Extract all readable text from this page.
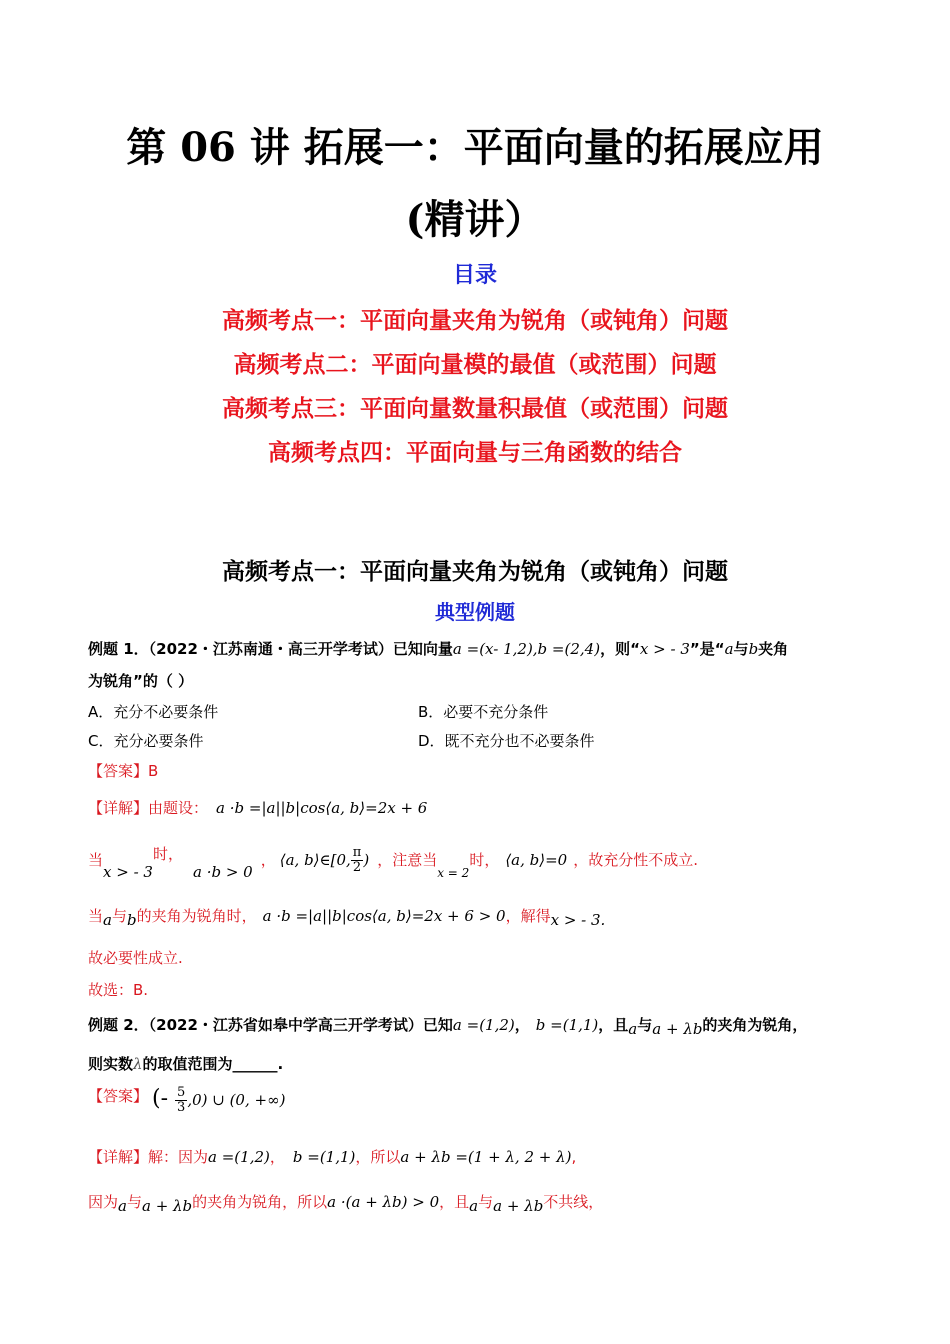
第 06 讲 拓展一：平面向量的拓展应用
(精讲）
目录
高频考点一：平面向量夹角为锐角（或钝角）问题
高频考点二：平面向量模的最值（或范围）问题
高频考点三：平面向量数量积最值（或范围）问题
高频考点四：平面向量与三角函数的结合
高频考点一：平面向量夹角为锐角（或钝角）问题
典型例题
例题 1．（2022・江苏南通・高三开学考试）已知向量a =(x- 1,2),b =(2,4)，则“x > - 3”是“a与b夹角
为锐角”的（ ）
A．充分不必要条件	B．必要不充分条件
C．充分必要条件	D．既不充分也不必要条件
【答案】B
【详解】由题设： a ·b =|a||b|cos⟨a, b⟩=2x + 6
当x > - 3时，a ·b > 0， ⟨a, b⟩∈[0, $\frac{\pi}{2}$ ) ，注意当$_{x = 2}$时， ⟨a, b⟩=0 ，故充分性不成立.
当a与b的夹角为锐角时， a ·b =|a||b|cos⟨a, b⟩=2x + 6 > 0，解得x > - 3.
故必要性成立.
故选：B.
例题 2．（2022・江苏省如皋中学高三开学考试）已知a =(1,2)， b =(1,1)，且a与a + λb的夹角为锐角，
则实数λ的取值范围为______.
【答案】 (- $\frac{5}{3} ,0$) ∪ (0, +∞)
【详解】解：因为a =(1,2)， b =(1,1)，所以a + λb =(1 + λ, 2 + λ),
因为a与a + λb的夹角为锐角，所以a ·(a + λb) > 0，且a与a + λb不共线，
